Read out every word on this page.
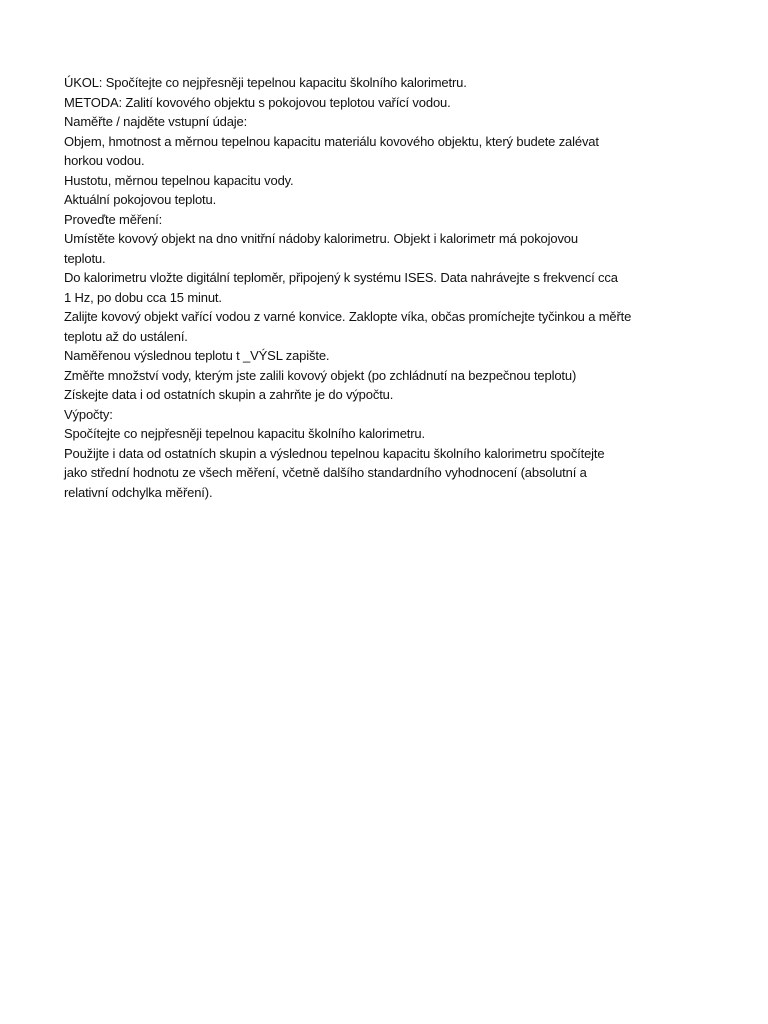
ÚKOL: Spočítejte co nejpřesněji tepelnou kapacitu školního kalorimetru.
METODA: Zalití kovového objektu s pokojovou teplotou vařící vodou.
Naměřte / najděte vstupní údaje:
Objem, hmotnost a měrnou tepelnou kapacitu materiálu kovového objektu, který budete zalévat
horkou vodou.
Hustotu, měrnou tepelnou kapacitu vody.
Aktuální pokojovou teplotu.
Proveďte měření:
Umístěte kovový objekt na dno vnitřní nádoby kalorimetru. Objekt i kalorimetr má pokojovou
teplotu.
Do kalorimetru vložte digitální teploměr, připojený k systému ISES. Data nahrávejte s frekvencí cca
1 Hz, po dobu cca 15 minut.
Zalijte kovový objekt vařící vodou z varné konvice. Zaklopte víka, občas promíchejte tyčinkou a měřte
teplotu až do ustálení.
Naměřenou výslednou teplotu t _VÝSL zapište.
Změřte množství vody, kterým jste zalili kovový objekt (po zchládnutí na bezpečnou teplotu)
Získejte data i od ostatních skupin a zahrňte je do výpočtu.
Výpočty:
Spočítejte co nejpřesněji tepelnou kapacitu školního kalorimetru.
Použijte i data od ostatních skupin a výslednou tepelnou kapacitu školního kalorimetru spočítejte
jako střední hodnotu ze všech měření, včetně dalšího standardního vyhodnocení (absolutní a
relativní odchylka měření).
